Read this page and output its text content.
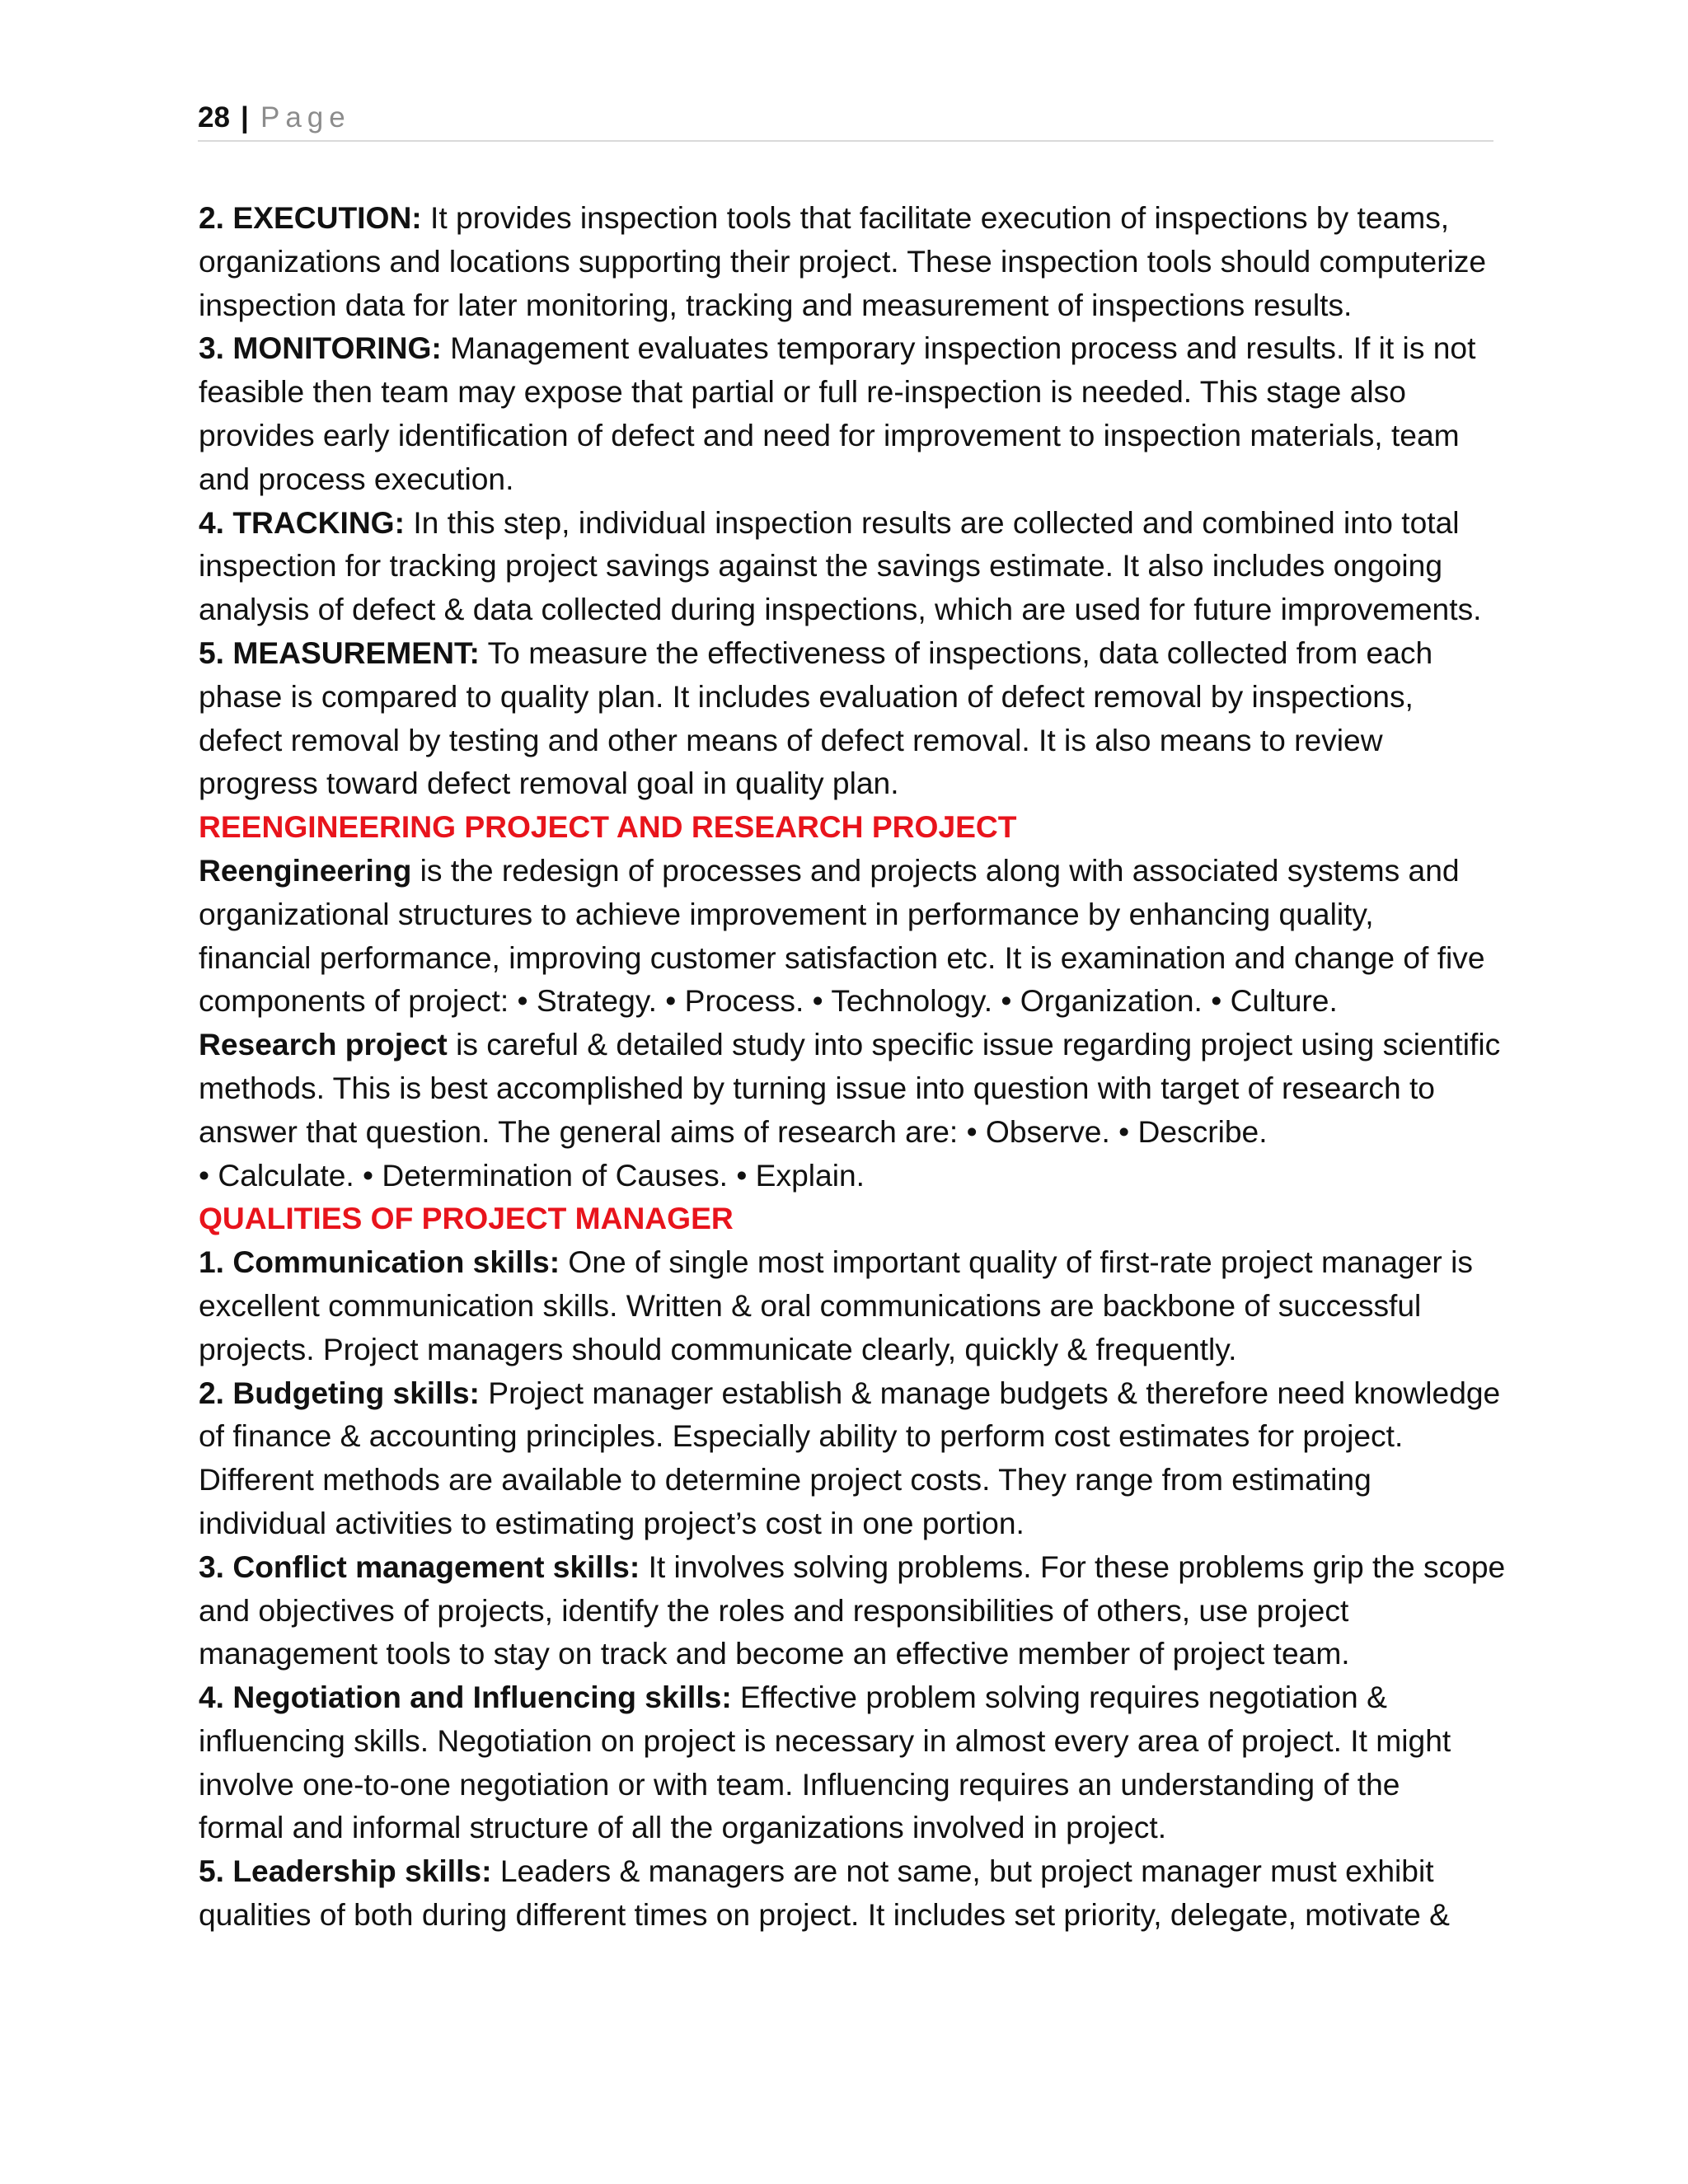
28 | Page
2. EXECUTION: It provides inspection tools that facilitate execution of inspections by teams,
organizations and locations supporting their project. These inspection tools should computerize
inspection data for later monitoring, tracking and measurement of inspections results.
3. MONITORING: Management evaluates temporary inspection process and results. If it is not
feasible then team may expose that partial or full re-inspection is needed. This stage also
provides early identification of defect and need for improvement to inspection materials, team
and process execution.
4. TRACKING: In this step, individual inspection results are collected and combined into total
inspection for tracking project savings against the savings estimate. It also includes ongoing
analysis of defect & data collected during inspections, which are used for future improvements.
5. MEASUREMENT: To measure the effectiveness of inspections, data collected from each
phase is compared to quality plan. It includes evaluation of defect removal by inspections,
defect removal by testing and other means of defect removal. It is also means to review
progress toward defect removal goal in quality plan.
REENGINEERING PROJECT AND RESEARCH PROJECT
Reengineering is the redesign of processes and projects along with associated systems and
organizational structures to achieve improvement in performance by enhancing quality,
financial performance, improving customer satisfaction etc. It is examination and change of five
components of project: • Strategy. • Process. • Technology. • Organization. • Culture.
Research project is careful & detailed study into specific issue regarding project using scientific
methods. This is best accomplished by turning issue into question with target of research to
answer that question. The general aims of research are: • Observe. • Describe.
• Calculate. • Determination of Causes. • Explain.
QUALITIES OF PROJECT MANAGER
1. Communication skills: One of single most important quality of first-rate project manager is
excellent communication skills. Written & oral communications are backbone of successful
projects. Project managers should communicate clearly, quickly & frequently.
2. Budgeting skills: Project manager establish & manage budgets & therefore need knowledge
of finance & accounting principles. Especially ability to perform cost estimates for project.
Different methods are available to determine project costs. They range from estimating
individual activities to estimating project’s cost in one portion.
3. Conflict management skills: It involves solving problems. For these problems grip the scope
and objectives of projects, identify the roles and responsibilities of others, use project
management tools to stay on track and become an effective member of project team.
4. Negotiation and Influencing skills: Effective problem solving requires negotiation &
influencing skills. Negotiation on project is necessary in almost every area of project. It might
involve one-to-one negotiation or with team. Influencing requires an understanding of the
formal and informal structure of all the organizations involved in project.
5. Leadership skills: Leaders & managers are not same, but project manager must exhibit
qualities of both during different times on project. It includes set priority, delegate, motivate &
